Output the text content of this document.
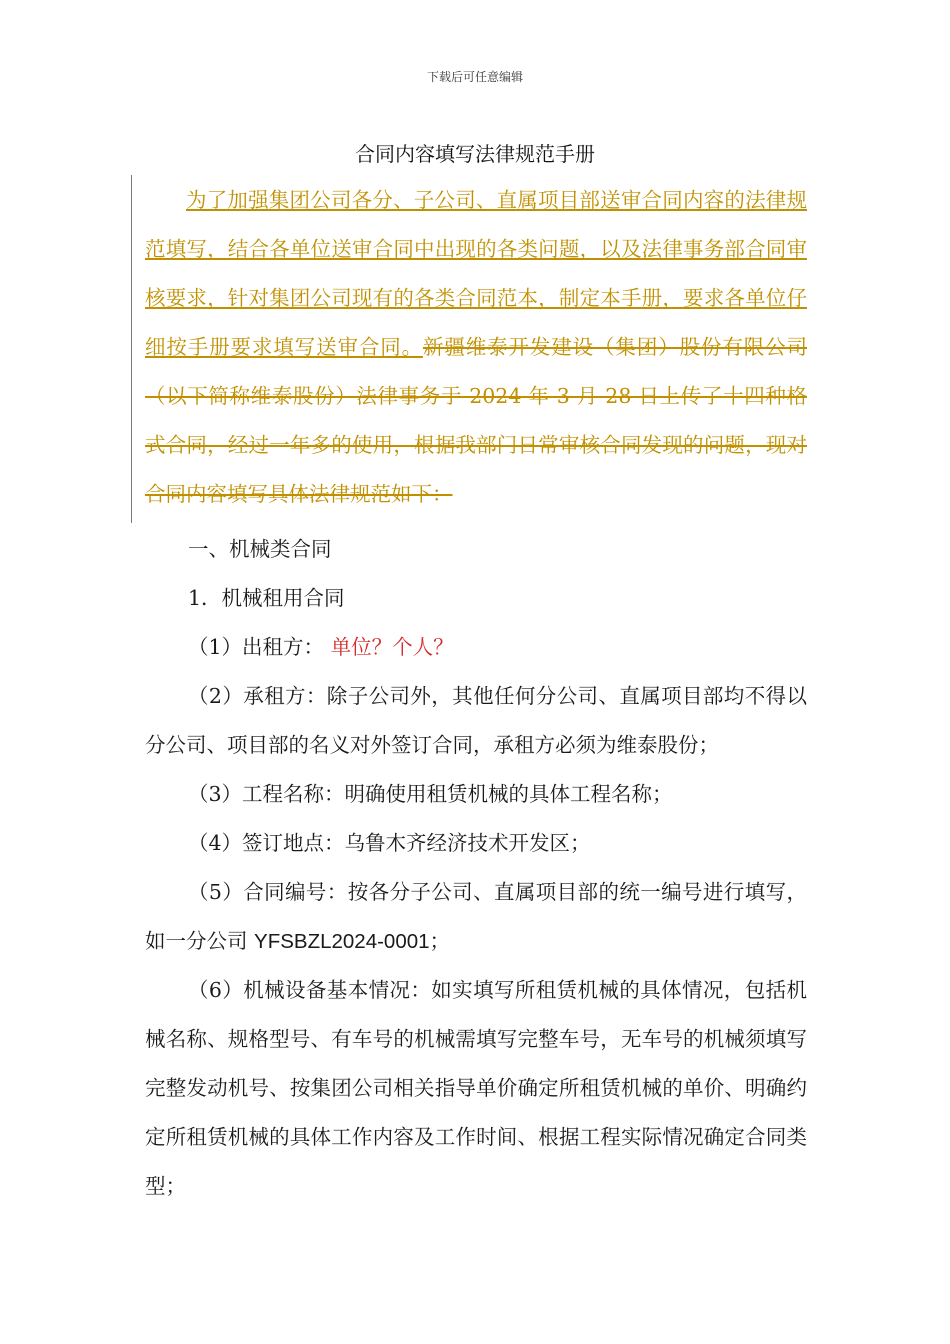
下载后可任意编辑
合同内容填写法律规范手册
为了加强集团公司各分、子公司、直属项目部送审合同内容的法律规范填写，结合各单位送审合同中出现的各类问题，以及法律事务部合同审核要求，针对集团公司现有的各类合同范本，制定本手册，要求各单位仔细按手册要求填写送审合同。新疆维泰开发建设（集团）股份有限公司（以下简称维泰股份）法律事务于 2024 年 3 月 28 日上传了十四种格式合同，经过一年多的使用，根据我部门日常审核合同发现的问题，现对合同内容填写具体法律规范如下：
一、机械类合同
1．机械租用合同
（1）出租方： 单位？个人？
（2）承租方：除子公司外，其他任何分公司、直属项目部均不得以分公司、项目部的名义对外签订合同，承租方必须为维泰股份；
（3）工程名称：明确使用租赁机械的具体工程名称；
（4）签订地点：乌鲁木齐经济技术开发区；
（5）合同编号：按各分子公司、直属项目部的统一编号进行填写，如一分公司 YFSBZL2024-0001；
（6）机械设备基本情况：如实填写所租赁机械的具体情况，包括机械名称、规格型号、有车号的机械需填写完整车号，无车号的机械须填写完整发动机号、按集团公司相关指导单价确定所租赁机械的单价、明确约定所租赁机械的具体工作内容及工作时间、根据工程实际情况确定合同类型；
